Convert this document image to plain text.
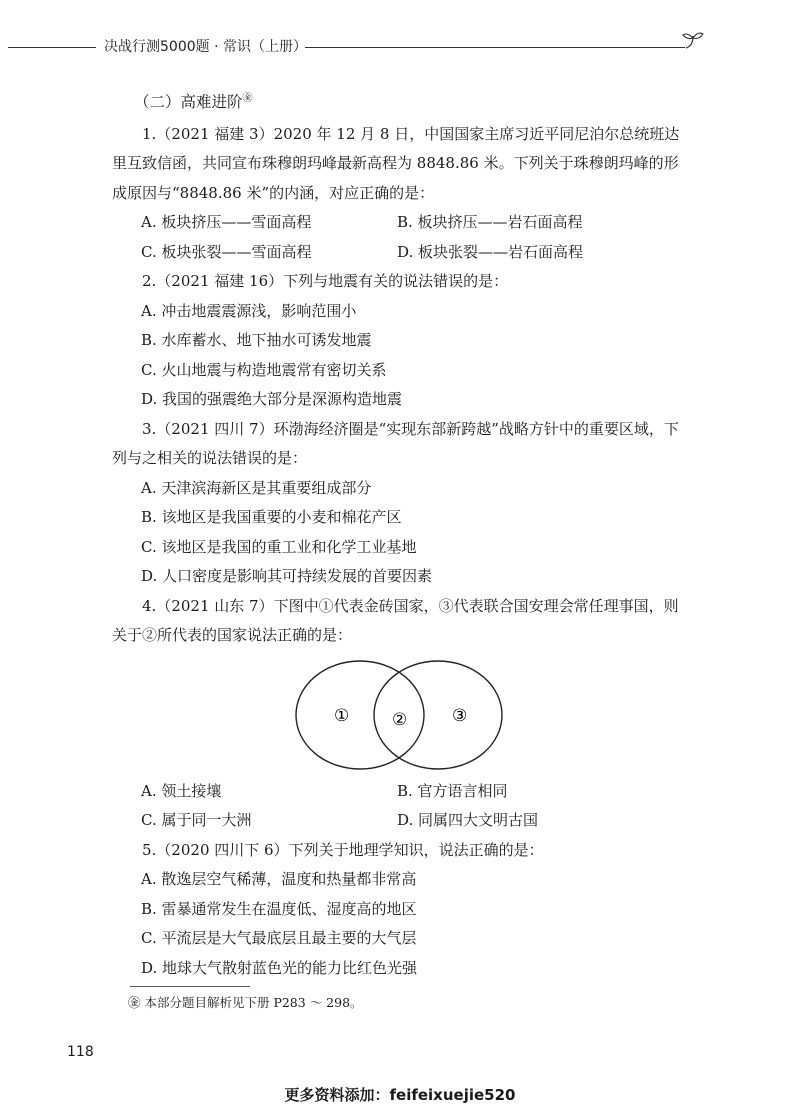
决战行测5000题 · 常识（上册）

（二）高难进阶㊎

1.（2021 福建 3）2020 年 12 月 8 日，中国国家主席习近平同尼泊尔总统班达里互致信函，共同宣布珠穆朗玛峰最新高程为 8848.86 米。下列关于珠穆朗玛峰的形成原因与“8848.86 米”的内涵，对应正确的是：

A. 板块挤压——雪面高程	B. 板块挤压——岩石面高程
C. 板块张裂——雪面高程	D. 板块张裂——岩石面高程

2.（2021 福建 16）下列与地震有关的说法错误的是：

A. 冲击地震震源浅，影响范围小

B. 水库蓄水、地下抽水可诱发地震

C. 火山地震与构造地震常有密切关系

D. 我国的强震绝大部分是深源构造地震

3.（2021 四川 7）环渤海经济圈是“实现东部新跨越”战略方针中的重要区域，下列与之相关的说法错误的是：

A. 天津滨海新区是其重要组成部分

B. 该地区是我国重要的小麦和棉花产区

C. 该地区是我国的重工业和化学工业基地

D. 人口密度是影响其可持续发展的首要因素

4.（2021 山东 7）下图中①代表金砖国家，③代表联合国安理会常任理事国，则关于②所代表的国家说法正确的是：

①	②	③
A. 领土接壤	B. 官方语言相同
C. 属于同一大洲	D. 同属四大文明古国

5.（2020 四川下 6）下列关于地理学知识，说法正确的是：

A. 散逸层空气稀薄，温度和热量都非常高

B. 雷暴通常发生在温度低、湿度高的地区

C. 平流层是大气最底层且最主要的大气层

D. 地球大气散射蓝色光的能力比红色光强

㊎ 本部分题目解析见下册 P283 ～ 298。
118
更多资料添加：feifeixuejie520
